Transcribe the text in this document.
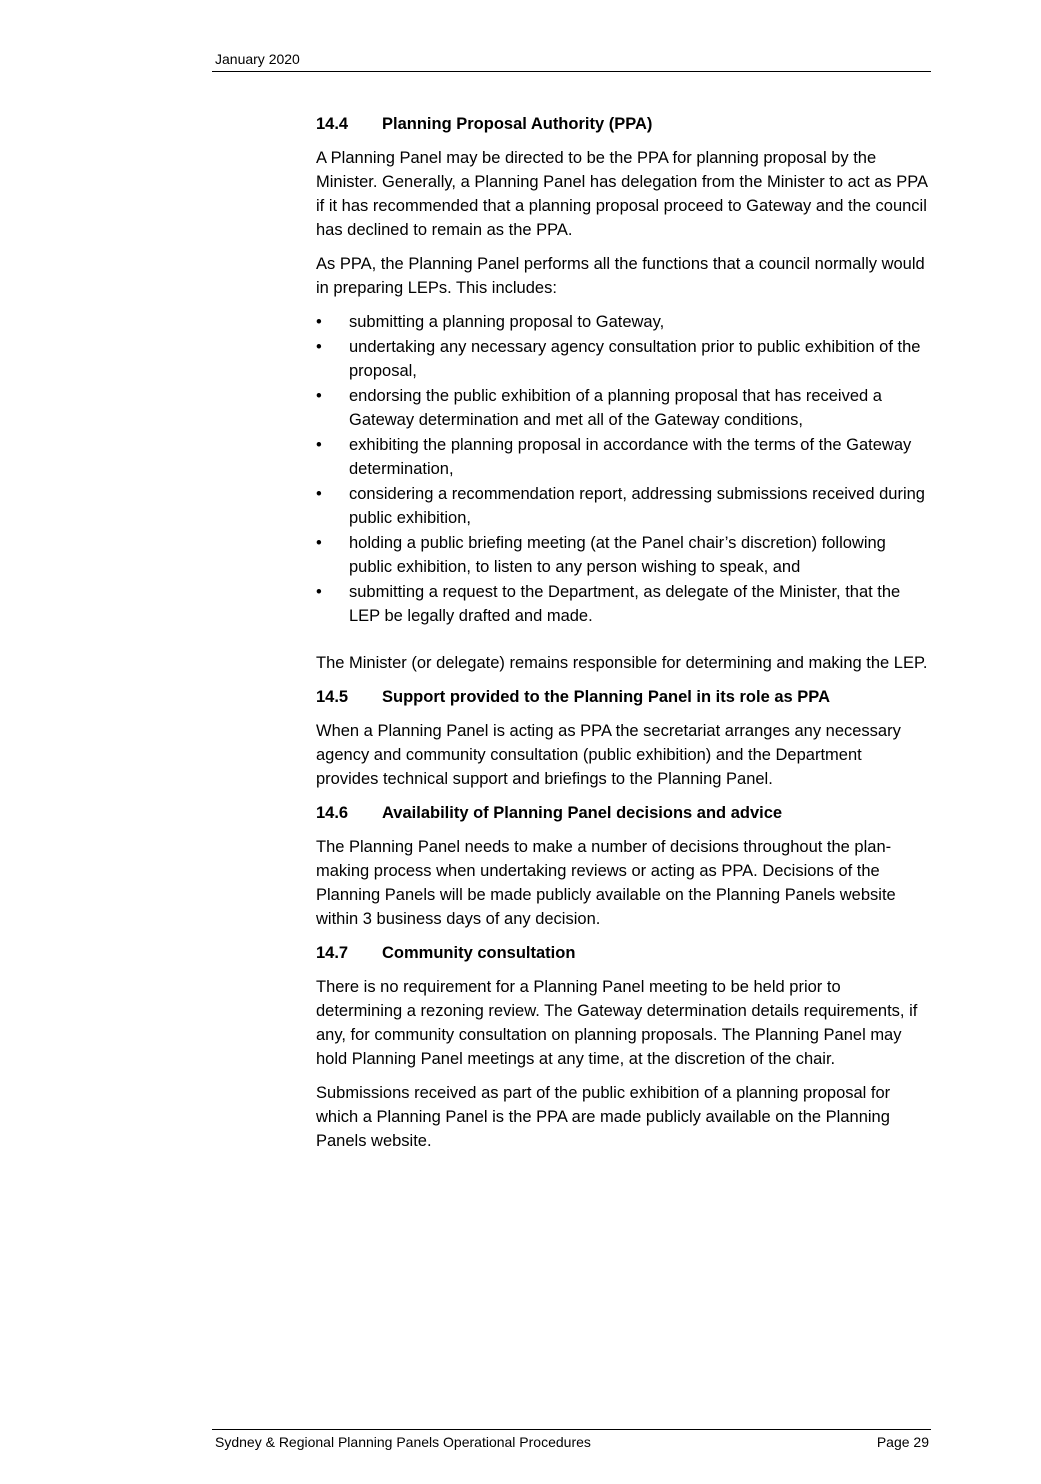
January 2020
14.4	Planning Proposal Authority (PPA)

A Planning Panel may be directed to be the PPA for planning proposal by the Minister. Generally, a Planning Panel has delegation from the Minister to act as PPA if it has recommended that a planning proposal proceed to Gateway and the council has declined to remain as the PPA.

As PPA, the Planning Panel performs all the functions that a council normally would in preparing LEPs. This includes:

• submitting a planning proposal to Gateway,
• undertaking any necessary agency consultation prior to public exhibition of the proposal,
• endorsing the public exhibition of a planning proposal that has received a Gateway determination and met all of the Gateway conditions,
• exhibiting the planning proposal in accordance with the terms of the Gateway determination,
• considering a recommendation report, addressing submissions received during public exhibition,
• holding a public briefing meeting (at the Panel chair’s discretion) following public exhibition, to listen to any person wishing to speak, and
• submitting a request to the Department, as delegate of the Minister, that the LEP be legally drafted and made.

The Minister (or delegate) remains responsible for determining and making the LEP.

14.5	Support provided to the Planning Panel in its role as PPA

When a Planning Panel is acting as PPA the secretariat arranges any necessary agency and community consultation (public exhibition) and the Department provides technical support and briefings to the Planning Panel.

14.6	Availability of Planning Panel decisions and advice

The Planning Panel needs to make a number of decisions throughout the plan-making process when undertaking reviews or acting as PPA. Decisions of the Planning Panels will be made publicly available on the Planning Panels website within 3 business days of any decision.

14.7	Community consultation

There is no requirement for a Planning Panel meeting to be held prior to determining a rezoning review. The Gateway determination details requirements, if any, for community consultation on planning proposals. The Planning Panel may hold Planning Panel meetings at any time, at the discretion of the chair.

Submissions received as part of the public exhibition of a planning proposal for which a Planning Panel is the PPA are made publicly available on the Planning Panels website.

Sydney & Regional Planning Panels Operational Procedures	Page 29
